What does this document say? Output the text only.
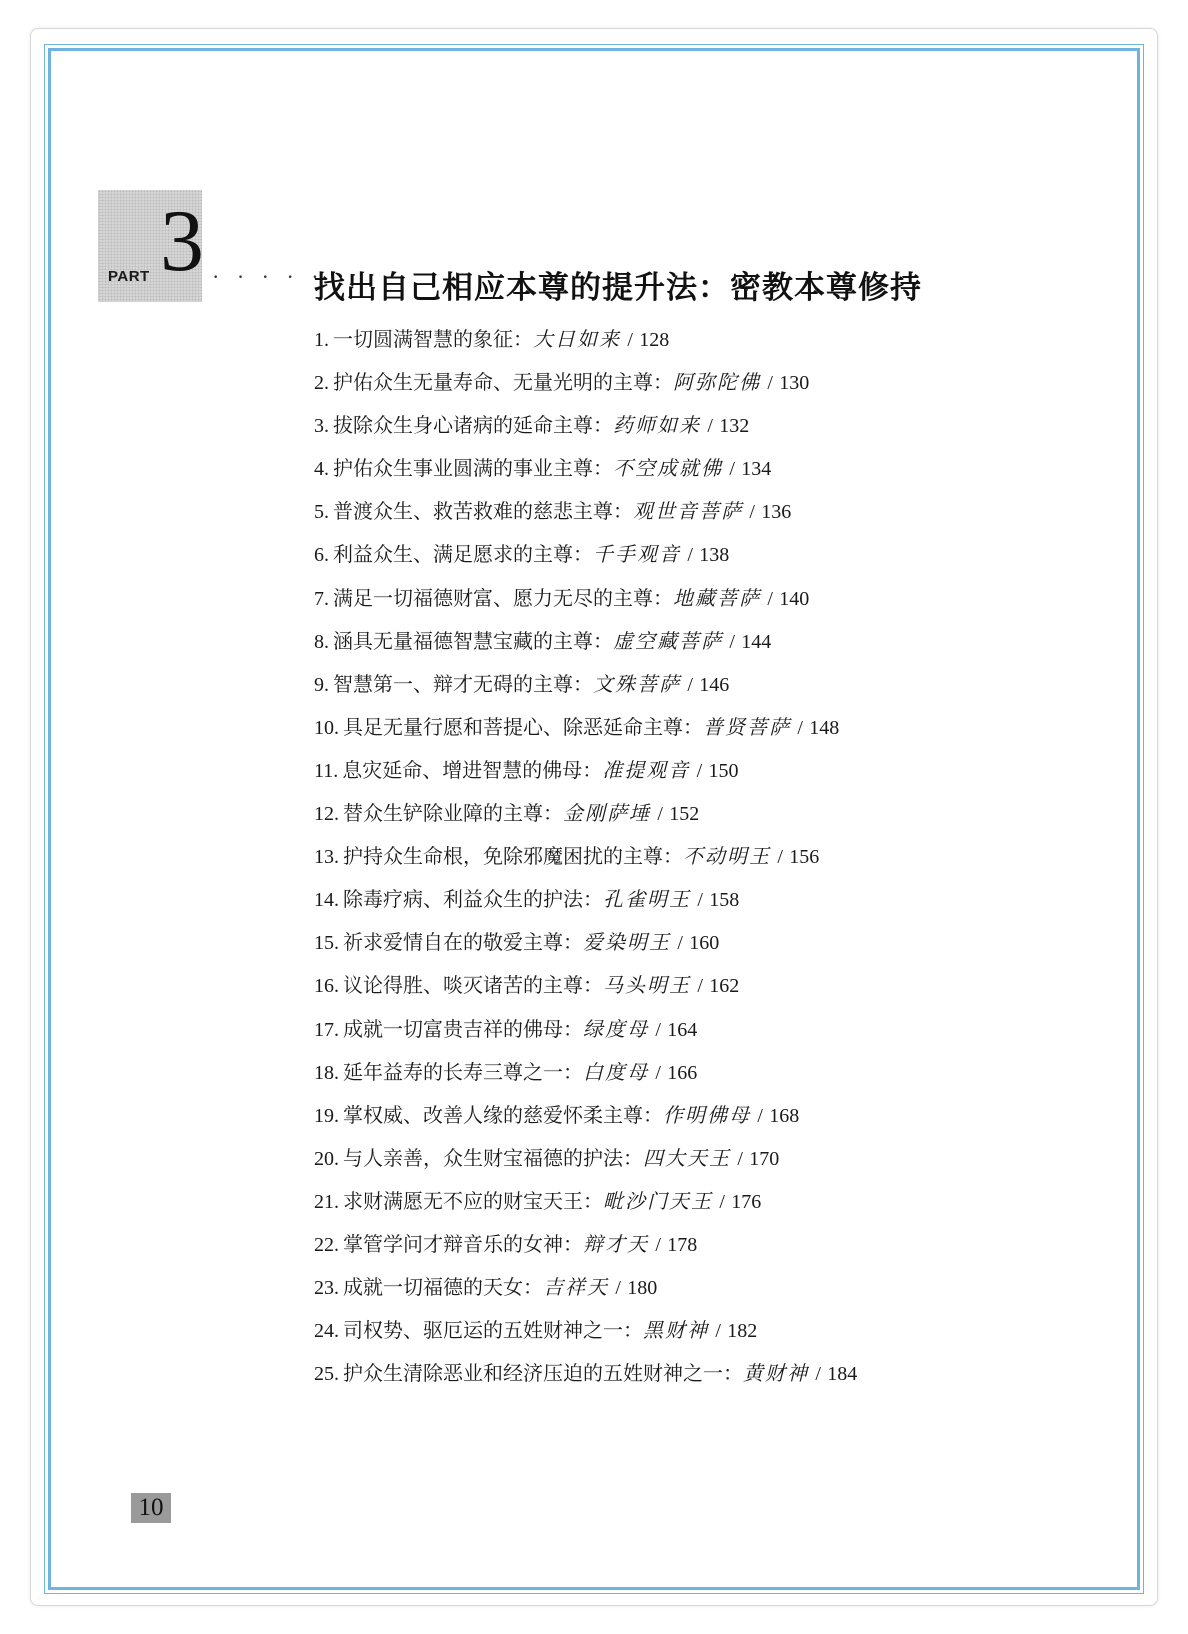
PART 3 · · · · ·
找出自己相应本尊的提升法：密教本尊修持
1. 一切圆满智慧的象征：大日如来 / 128
2. 护佑众生无量寿命、无量光明的主尊：阿弥陀佛 / 130
3. 拔除众生身心诸病的延命主尊：药师如来 / 132
4. 护佑众生事业圆满的事业主尊：不空成就佛 / 134
5. 普渡众生、救苦救难的慈悲主尊：观世音菩萨 / 136
6. 利益众生、满足愿求的主尊：千手观音 / 138
7. 满足一切福德财富、愿力无尽的主尊：地藏菩萨 / 140
8. 涵具无量福德智慧宝藏的主尊：虚空藏菩萨 / 144
9. 智慧第一、辩才无碍的主尊：文殊菩萨 / 146
10. 具足无量行愿和菩提心、除恶延命主尊：普贤菩萨 / 148
11. 息灾延命、增进智慧的佛母：准提观音 / 150
12. 替众生铲除业障的主尊：金刚萨埵 / 152
13. 护持众生命根，免除邪魔困扰的主尊：不动明王 / 156
14. 除毒疗病、利益众生的护法：孔雀明王 / 158
15. 祈求爱情自在的敬爱主尊：爱染明王 / 160
16. 议论得胜、啖灭诸苦的主尊：马头明王 / 162
17. 成就一切富贵吉祥的佛母：绿度母 / 164
18. 延年益寿的长寿三尊之一：白度母 / 166
19. 掌权威、改善人缘的慈爱怀柔主尊：作明佛母 / 168
20. 与人亲善，众生财宝福德的护法：四大天王 / 170
21. 求财满愿无不应的财宝天王：毗沙门天王 / 176
22. 掌管学问才辩音乐的女神：辩才天 / 178
23. 成就一切福德的天女：吉祥天 / 180
24. 司权势、驱厄运的五姓财神之一：黑财神 / 182
25. 护众生清除恶业和经济压迫的五姓财神之一：黄财神 / 184
10
